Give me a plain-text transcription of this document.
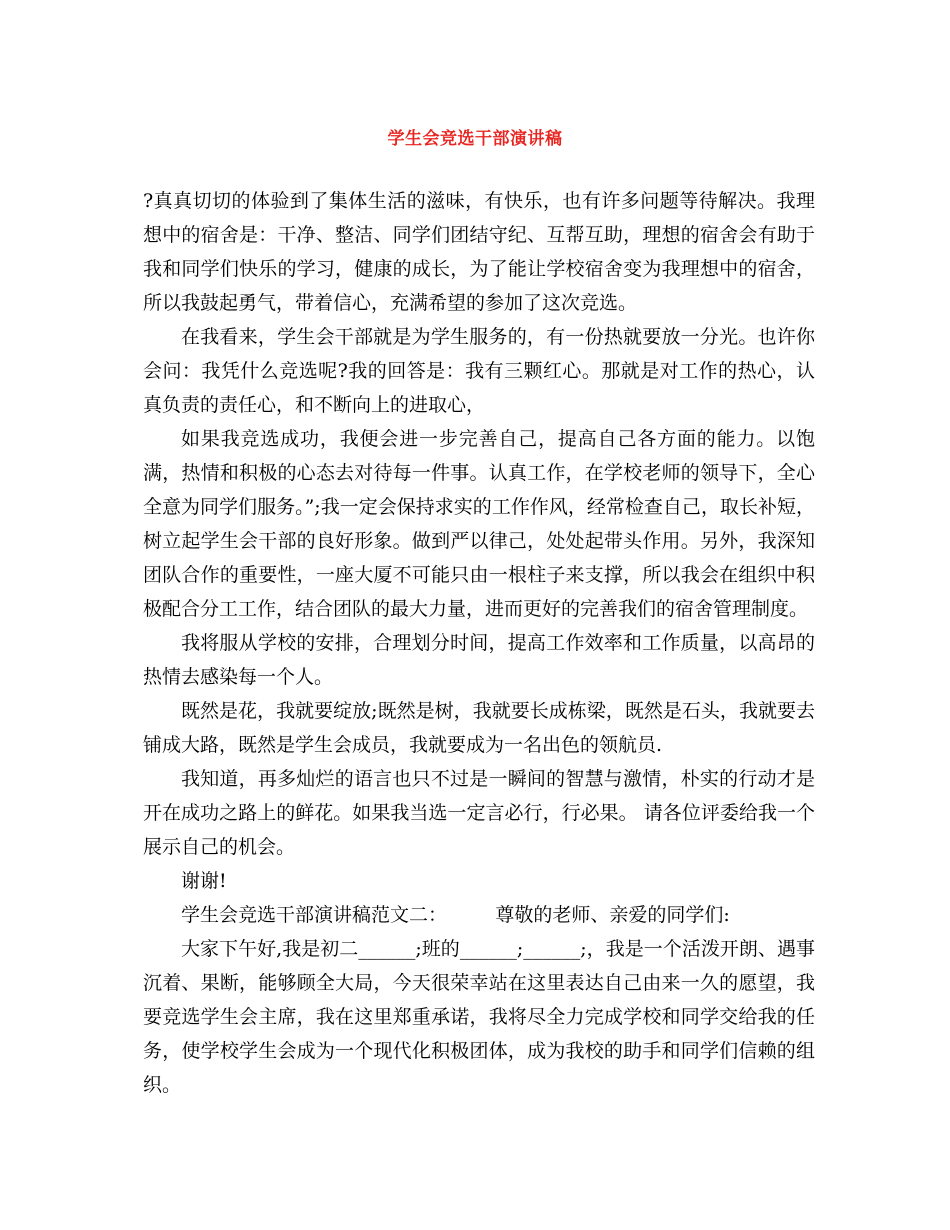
学生会竞选干部演讲稿

?真真切切的体验到了集体生活的滋味，有快乐，也有许多问题等待解决。我理想中的宿舍是：干净、整洁、同学们团结守纪、互帮互助，理想的宿舍会有助于我和同学们快乐的学习，健康的成长，为了能让学校宿舍变为我理想中的宿舍，所以我鼓起勇气，带着信心，充满希望的参加了这次竞选。

在我看来，学生会干部就是为学生服务的，有一份热就要放一分光。也许你会问：我凭什么竞选呢?我的回答是：我有三颗红心。那就是对工作的热心，认真负责的责任心，和不断向上的进取心，

如果我竞选成功，我便会进一步完善自己，提高自己各方面的能力。以饱满，热情和积极的心态去对待每一件事。认真工作，在学校老师的领导下，全心全意为同学们服务。”;我一定会保持求实的工作作风，经常检查自己，取长补短，树立起学生会干部的良好形象。做到严以律己，处处起带头作用。另外，我深知团队合作的重要性，一座大厦不可能只由一根柱子来支撑，所以我会在组织中积极配合分工工作，结合团队的最大力量，进而更好的完善我们的宿舍管理制度。

我将服从学校的安排，合理划分时间，提高工作效率和工作质量，以高昂的热情去感染每一个人。

既然是花，我就要绽放;既然是树，我就要长成栋梁，既然是石头，我就要去铺成大路，既然是学生会成员，我就要成为一名出色的领航员.

我知道，再多灿烂的语言也只不过是一瞬间的智慧与激情，朴实的行动才是开在成功之路上的鲜花。如果我当选一定言必行，行必果。 请各位评委给我一个展示自己的机会。

谢谢!

学生会竞选干部演讲稿范文二：        尊敬的老师、亲爱的同学们:

大家下午好,我是初二______;班的______;______;，我是一个活泼开朗、遇事沉着、果断，能够顾全大局，今天很荣幸站在这里表达自己由来一久的愿望，我要竞选学生会主席，我在这里郑重承诺，我将尽全力完成学校和同学交给我的任务，使学校学生会成为一个现代化积极团体，成为我校的助手和同学们信赖的组织。
